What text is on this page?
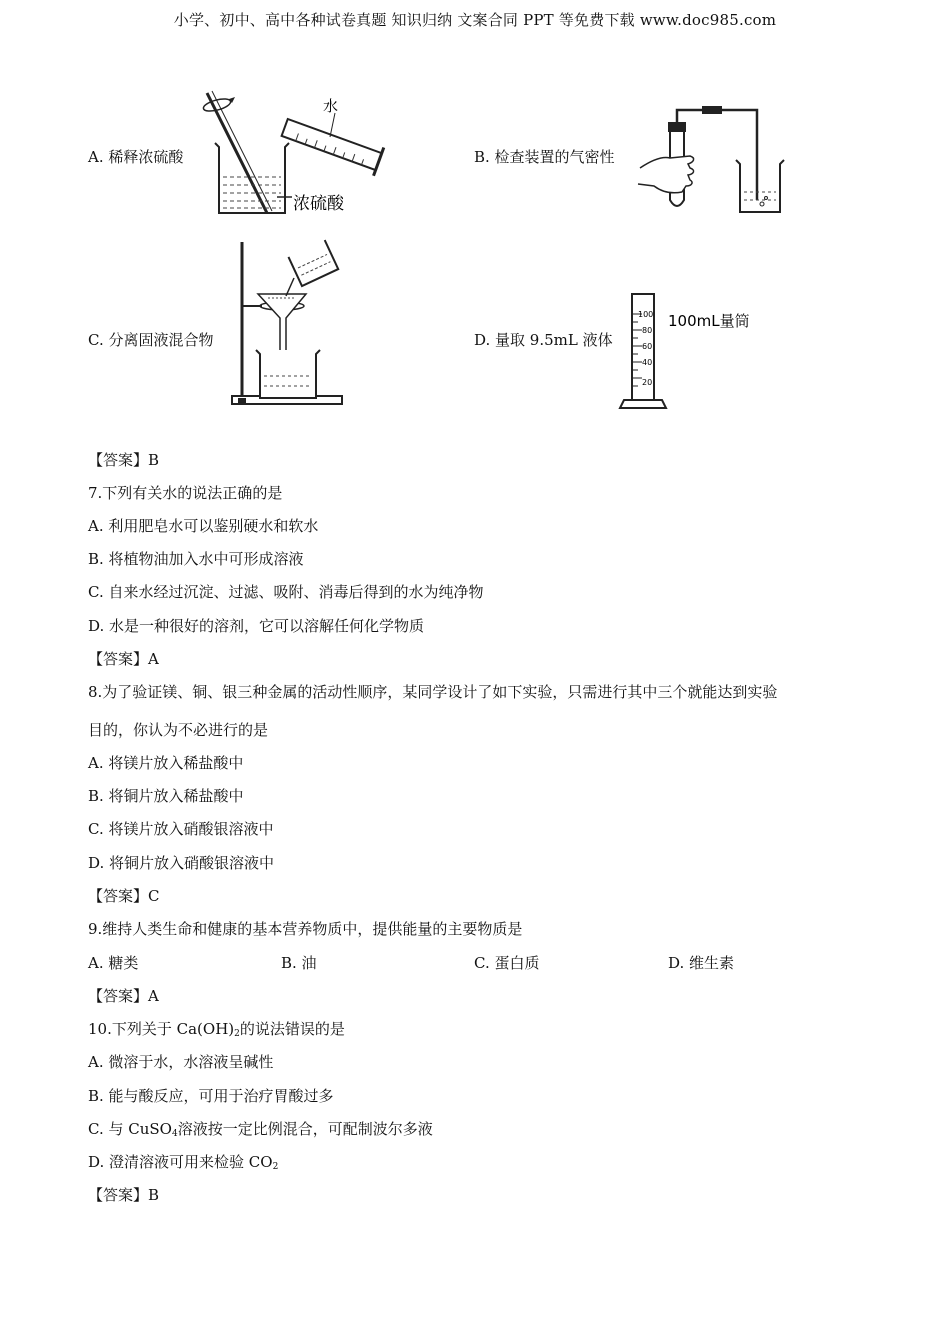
小学、初中、高中各种试卷真题 知识归纳 文案合同 PPT 等免费下载 www.doc985.com
A. 稀释浓硫酸	B. 检查装置的气密性
C. 分离固液混合物	D. 量取 9.5mL 液体
水
浓硫酸
100
80
60
40
20
100mL量筒
【答案】B
7.下列有关水的说法正确的是
A. 利用肥皂水可以鉴别硬水和软水
B. 将植物油加入水中可形成溶液
C. 自来水经过沉淀、过滤、吸附、消毒后得到的水为纯净物
D. 水是一种很好的溶剂，它可以溶解任何化学物质
【答案】A
8.为了验证镁、铜、银三种金属的活动性顺序，某同学设计了如下实验，只需进行其中三个就能达到实验
目的，你认为不必进行的是
A. 将镁片放入稀盐酸中
B. 将铜片放入稀盐酸中
C. 将镁片放入硝酸银溶液中
D. 将铜片放入硝酸银溶液中
【答案】C
9.维持人类生命和健康的基本营养物质中，提供能量的主要物质是
A. 糖类	B. 油	C. 蛋白质	D. 维生素
【答案】A
10.下列关于 $Ca(OH)_2$的说法错误的是
A. 微溶于水，水溶液呈碱性
B. 能与酸反应，可用于治疗胃酸过多
C. 与 CuSO$_4$溶液按一定比例混合，可配制波尔多液
D. 澄清溶液可用来检验 $CO_2$
【答案】B
